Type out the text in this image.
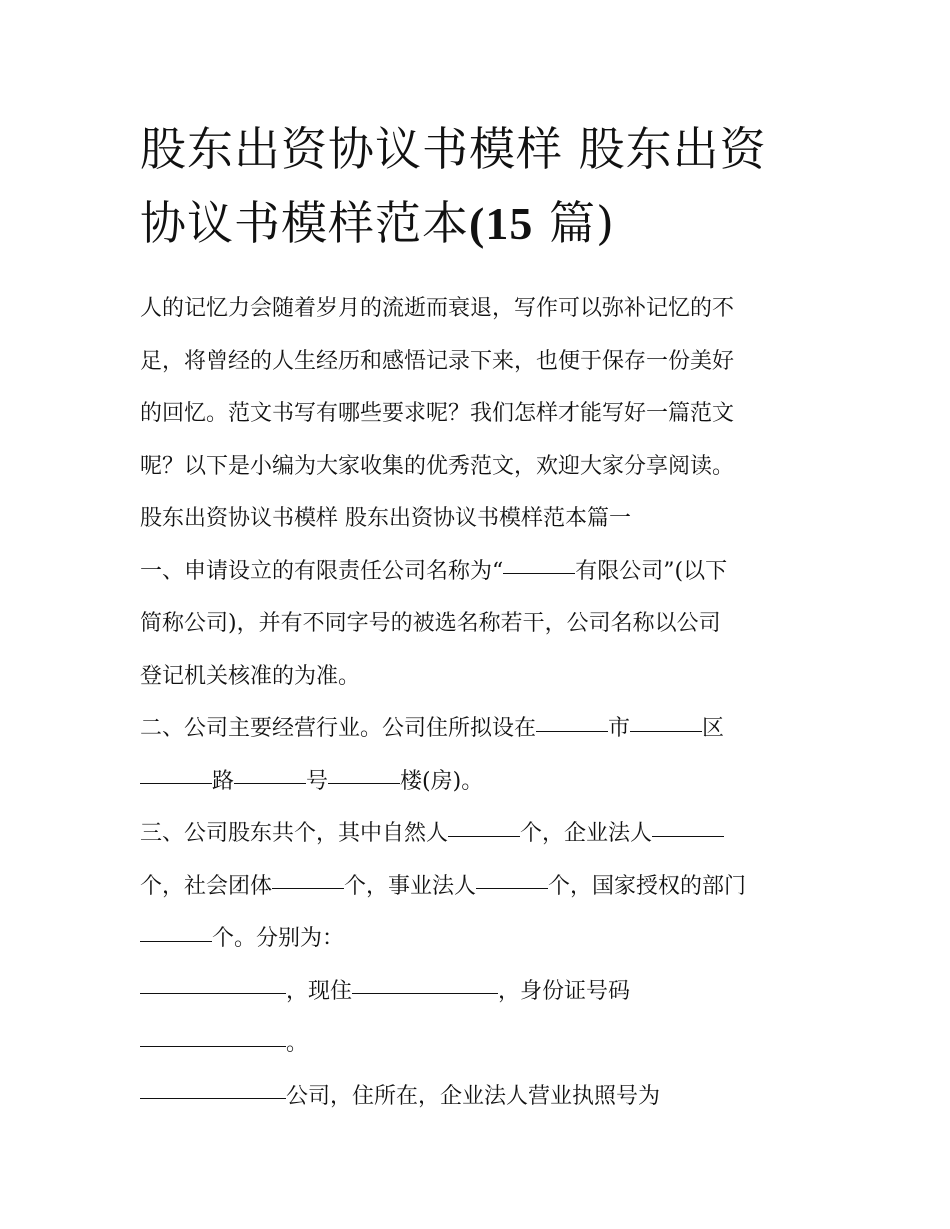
股东出资协议书模样 股东出资
协议书模样范本(15 篇)
人的记忆力会随着岁月的流逝而衰退，写作可以弥补记忆的不
足，将曾经的人生经历和感悟记录下来，也便于保存一份美好
的回忆。范文书写有哪些要求呢？我们怎样才能写好一篇范文
呢？以下是小编为大家收集的优秀范文，欢迎大家分享阅读。
股东出资协议书模样 股东出资协议书模样范本篇一
一、申请设立的有限责任公司名称为“	有限公司”(以下
简称公司)，并有不同字号的被选名称若干，公司名称以公司
登记机关核准的为准。
二、公司主要经营行业。公司住所拟设在	市	区
路	号	楼(房)。
三、公司股东共个，其中自然人	个，企业法人
个，社会团体	个，事业法人	个，国家授权的部门
个。分别为：
，现住	，身份证号码
。
公司，住所在，企业法人营业执照号为
